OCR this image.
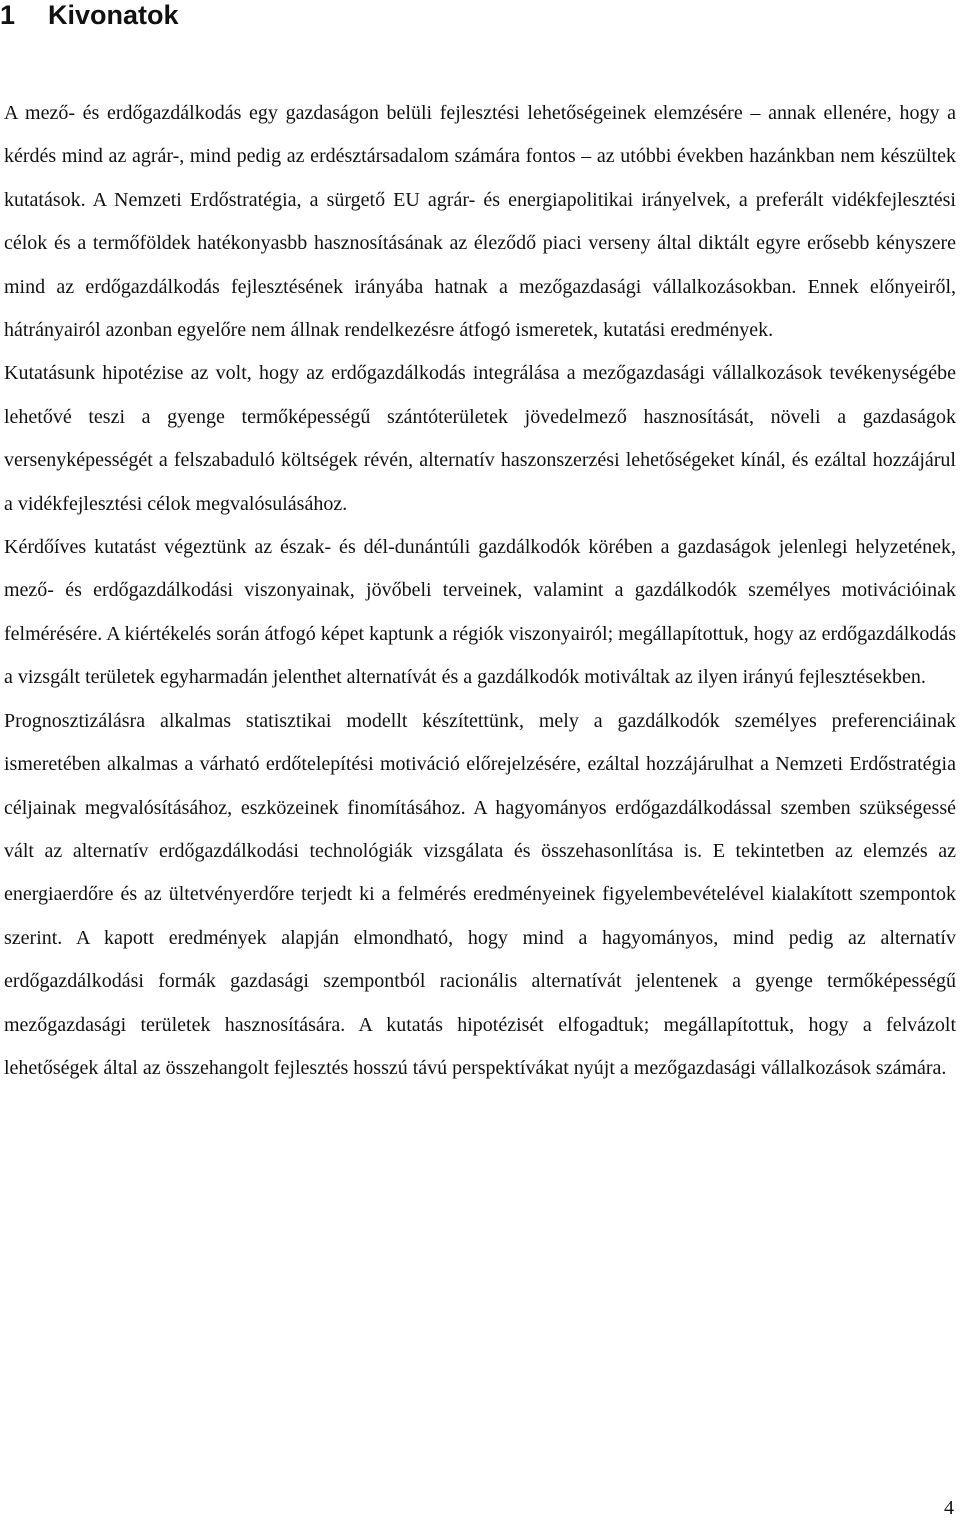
1 Kivonatok

A mező- és erdőgazdálkodás egy gazdaságon belüli fejlesztési lehetőségeinek elemzésére – annak ellenére, hogy a kérdés mind az agrár-, mind pedig az erdésztársadalom számára fontos – az utóbbi években hazánkban nem készültek kutatások. A Nemzeti Erdőstratégia, a sürgető EU agrár- és energiapolitikai irányelvek, a preferált vidékfejlesztési célok és a termőföldek hatékonyasbb hasznosításának az éleződő piaci verseny által diktált egyre erősebb kényszere mind az erdőgazdálkodás fejlesztésének irányába hatnak a mezőgazdasági vállalkozásokban. Ennek előnyeiről, hátrányairól azonban egyelőre nem állnak rendelkezésre átfogó ismeretek, kutatási eredmények.

Kutatásunk hipotézise az volt, hogy az erdőgazdálkodás integrálása a mezőgazdasági vállalkozások tevékenységébe lehetővé teszi a gyenge termőképességű szántóterületek jövedelmező hasznosítását, növeli a gazdaságok versenyképességét a felszabaduló költségek révén, alternatív haszonszerzési lehetőségeket kínál, és ezáltal hozzájárul a vidékfejlesztési célok megvalósulásához.

Kérdőíves kutatást végeztünk az észak- és dél-dunántúli gazdálkodók körében a gazdaságok jelenlegi helyzetének, mező- és erdőgazdálkodási viszonyainak, jövőbeli terveinek, valamint a gazdálkodók személyes motivációinak felmérésére. A kiértékelés során átfogó képet kaptunk a régiók viszonyairól; megállapítottuk, hogy az erdőgazdálkodás a vizsgált területek egyharmadán jelenthet alternatívát és a gazdálkodók motiváltak az ilyen irányú fejlesztésekben.

Prognosztizálásra alkalmas statisztikai modellt készítettünk, mely a gazdálkodók személyes preferenciáinak ismeretében alkalmas a várható erdőtelepítési motiváció előrejelzésére, ezáltal hozzájárulhat a Nemzeti Erdőstratégia céljainak megvalósításához, eszközeinek finomításához. A hagyományos erdőgazdálkodással szemben szükségessé vált az alternatív erdőgazdálkodási technológiák vizsgálata és összehasonlítása is. E tekintetben az elemzés az energiaerdőre és az ültetvényerdőre terjedt ki a felmérés eredményeinek figyelembevételével kialakított szempontok szerint. A kapott eredmények alapján elmondható, hogy mind a hagyományos, mind pedig az alternatív erdőgazdálkodási formák gazdasági szempontból racionális alternatívát jelentenek a gyenge termőképességű mezőgazdasági területek hasznosítására. A kutatás hipotézisét elfogadtuk; megállapítottuk, hogy a felvázolt lehetőségek által az összehangolt fejlesztés hosszú távú perspektívákat nyújt a mezőgazdasági vállalkozások számára.

4
